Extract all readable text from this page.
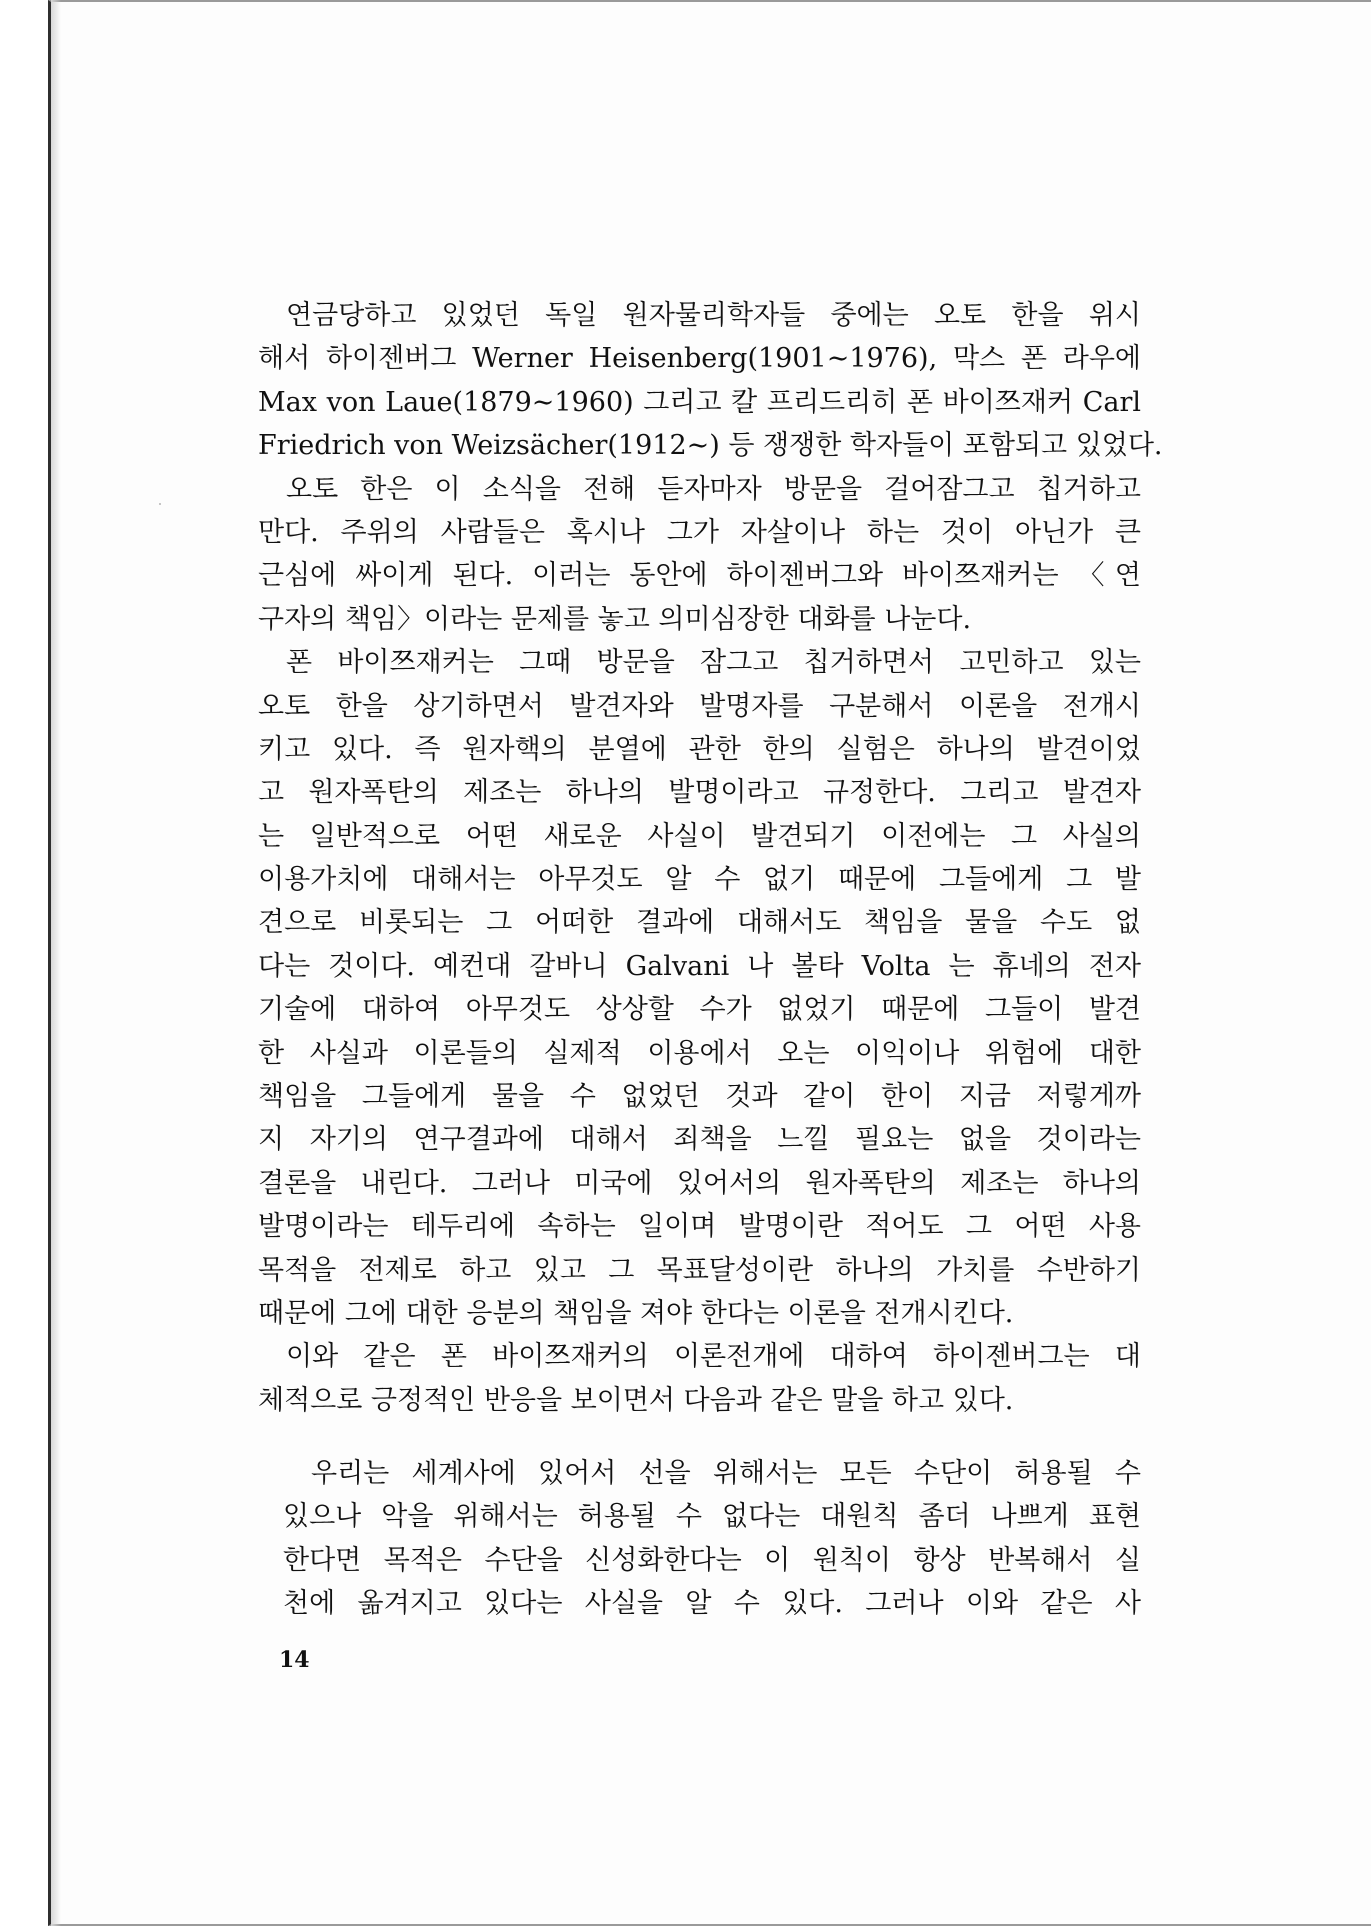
연금당하고 있었던 독일 원자물리학자들 중에는 오토 한을 위시
해서 하이젠버그 Werner Heisenberg(1901∼1976), 막스 폰 라우에
Max von Laue(1879∼1960) 그리고 칼 프리드리히 폰 바이쯔재커 Carl
Friedrich von Weizsächer(1912∼) 등 쟁쟁한 학자들이 포함되고 있었다.
오토 한은 이 소식을 전해 듣자마자 방문을 걸어잠그고 칩거하고
만다. 주위의 사람들은 혹시나 그가 자살이나 하는 것이 아닌가 큰
근심에 싸이게 된다. 이러는 동안에 하이젠버그와 바이쯔재커는 〈연
구자의 책임〉이라는 문제를 놓고 의미심장한 대화를 나눈다.
폰 바이쯔재커는 그때 방문을 잠그고 칩거하면서 고민하고 있는
오토 한을 상기하면서 발견자와 발명자를 구분해서 이론을 전개시
키고 있다. 즉 원자핵의 분열에 관한 한의 실험은 하나의 발견이었
고 원자폭탄의 제조는 하나의 발명이라고 규정한다. 그리고 발견자
는 일반적으로 어떤 새로운 사실이 발견되기 이전에는 그 사실의
이용가치에 대해서는 아무것도 알 수 없기 때문에 그들에게 그 발
견으로 비롯되는 그 어떠한 결과에 대해서도 책임을 물을 수도 없
다는 것이다. 예컨대 갈바니 Galvani 나 볼타 Volta 는 휴네의 전자
기술에 대하여 아무것도 상상할 수가 없었기 때문에 그들이 발견
한 사실과 이론들의 실제적 이용에서 오는 이익이나 위험에 대한
책임을 그들에게 물을 수 없었던 것과 같이 한이 지금 저렇게까
지 자기의 연구결과에 대해서 죄책을 느낄 필요는 없을 것이라는
결론을 내린다. 그러나 미국에 있어서의 원자폭탄의 제조는 하나의
발명이라는 테두리에 속하는 일이며 발명이란 적어도 그 어떤 사용
목적을 전제로 하고 있고 그 목표달성이란 하나의 가치를 수반하기
때문에 그에 대한 응분의 책임을 져야 한다는 이론을 전개시킨다.
이와 같은 폰 바이쯔재커의 이론전개에 대하여 하이젠버그는 대
체적으로 긍정적인 반응을 보이면서 다음과 같은 말을 하고 있다.
우리는 세계사에 있어서 선을 위해서는 모든 수단이 허용될 수
있으나 악을 위해서는 허용될 수 없다는 대원칙 좀더 나쁘게 표현
한다면 목적은 수단을 신성화한다는 이 원칙이 항상 반복해서 실
천에 옮겨지고 있다는 사실을 알 수 있다. 그러나 이와 같은 사
14
